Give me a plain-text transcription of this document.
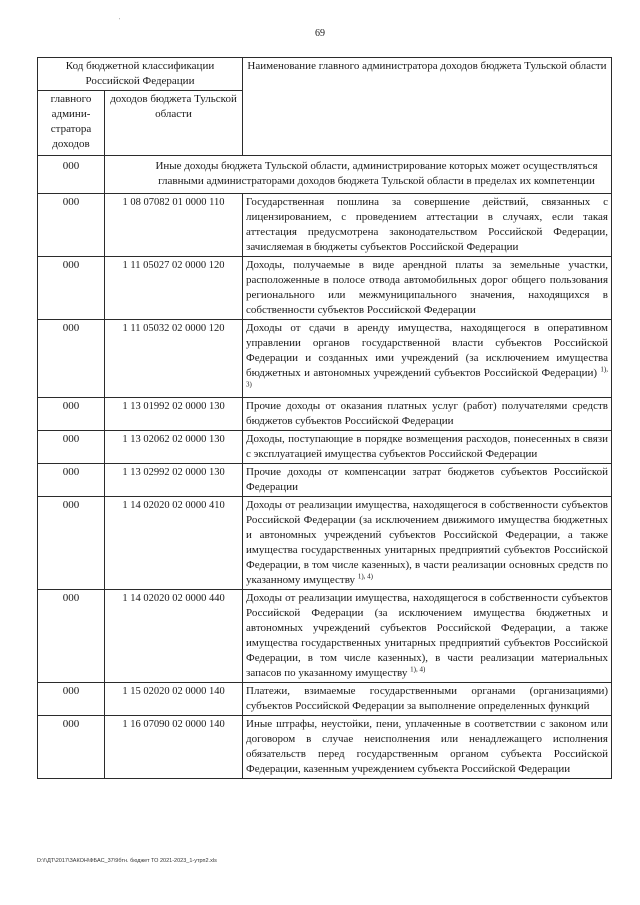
'
69
Код бюджетной классификации Российской Федерации		Наименование главного администратора доходов бюджета Тульской области
главного админи-стратора доходов	доходов бюджета Тульской области	
000	Иные доходы бюджета Тульской области, администрирование которых может осуществляться главными администраторами доходов бюджета Тульской области в пределах их компетенции	
000	1 08 07082 01 0000 110	Государственная пошлина за совершение действий, связанных с лицензированием, с проведением аттестации в случаях, если такая аттестация предусмотрена законодательством Российской Федерации, зачисляемая в бюджеты субъектов Российской Федерации
000	1 11 05027 02 0000 120	Доходы, получаемые в виде арендной платы за земельные участки, расположенные в полосе отвода автомобильных дорог общего пользования регионального или межмуниципального значения, находящихся в собственности субъектов Российской Федерации
000	1 11 05032 02 0000 120	Доходы от сдачи в аренду имущества, находящегося в оперативном управлении органов государственной власти субъектов Российской Федерации и созданных ими учреждений (за исключением имущества бюджетных и автономных учреждений субъектов Российской Федерации) $^{1), 3)}$
000	1 13 01992 02 0000 130	Прочие доходы от оказания платных услуг (работ) получателями средств бюджетов субъектов Российской Федерации
000	1 13 02062 02 0000 130	Доходы, поступающие в порядке возмещения расходов, понесенных в связи с эксплуатацией имущества субъектов Российской Федерации
000	1 13 02992 02 0000 130	Прочие доходы от компенсации затрат бюджетов субъектов Российской Федерации
000	1 14 02020 02 0000 410	Доходы от реализации имущества, находящегося в собственности субъектов Российской Федерации (за исключением движимого имущества бюджетных и автономных учреждений субъектов Российской Федерации, а также имущества государственных унитарных предприятий субъектов Российской Федерации, в том числе казенных), в части реализации основных средств по указанному имуществу $^{1), 4)}$
000	1 14 02020 02 0000 440	Доходы от реализации имущества, находящегося в собственности субъектов Российской Федерации (за исключением имущества бюджетных и автономных учреждений субъектов Российской Федерации, а также имущества государственных унитарных предприятий субъектов Российской Федерации, в том числе казенных), в части реализации материальных запасов по указанному имуществу $^{1), 4)}$
000	1 15 02020 02 0000 140	Платежи, взимаемые государственными органами (организациями) субъектов Российской Федерации за выполнение определенных функций
000	1 16 07090 02 0000 140	Иные штрафы, неустойки, пени, уплаченные в соответствии с законом или договором в случае неисполнения или ненадлежащего исполнения обязательств перед государственным органом субъекта Российской Федерации, казенным учреждением субъекта Российской Федерации
D:\!\ДТ\2017\ЗАКОН\ФБАС_37\9бтн. бюджет ТО 2021-2023_1-утрп2.xls
